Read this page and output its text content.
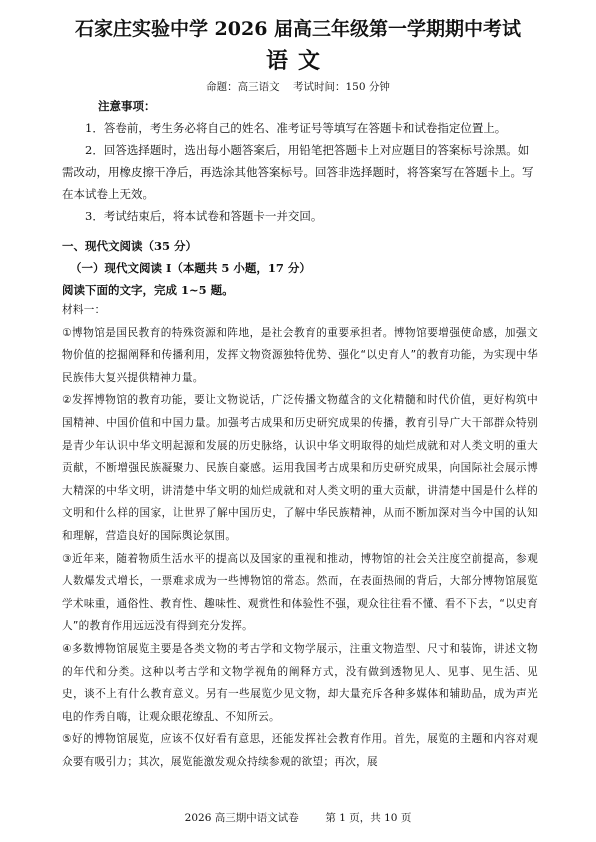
石家庄实验中学 2026 届高三年级第一学期期中考试
语文
命题：高三语文    考试时间：150 分钟
注意事项：

1．答卷前，考生务必将自己的姓名、准考证号等填写在答题卡和试卷指定位置上。

2．回答选择题时，选出每小题答案后，用铅笔把答题卡上对应题目的答案标号涂黑。如需改动，用橡皮擦干净后，再选涂其他答案标号。回答非选择题时，将答案写在答题卡上。写在本试卷上无效。

3．考试结束后，将本试卷和答题卡一并交回。

一、现代文阅读（35 分）
（一）现代文阅读 I（本题共 5 小题，17 分）
阅读下面的文字，完成 1~5 题。

材料一：

①博物馆是国民教育的特殊资源和阵地，是社会教育的重要承担者。博物馆要增强使命感，加强文物价值的挖掘阐释和传播利用，发挥文物资源独特优势、强化“以史育人”的教育功能，为实现中华民族伟大复兴提供精神力量。

②发挥博物馆的教育功能，要让文物说话，广泛传播文物蕴含的文化精髓和时代价值，更好构筑中国精神、中国价值和中国力量。加强考古成果和历史研究成果的传播，教育引导广大干部群众特别是青少年认识中华文明起源和发展的历史脉络，认识中华文明取得的灿烂成就和对人类文明的重大贡献，不断增强民族凝聚力、民族自豪感。运用我国考古成果和历史研究成果，向国际社会展示博大精深的中华文明，讲清楚中华文明的灿烂成就和对人类文明的重大贡献，讲清楚中国是什么样的文明和什么样的国家，让世界了解中国历史，了解中华民族精神，从而不断加深对当今中国的认知和理解，营造良好的国际舆论氛围。

③近年来，随着物质生活水平的提高以及国家的重视和推动，博物馆的社会关注度空前提高，参观人数爆发式增长，一票难求成为一些博物馆的常态。然而，在表面热闹的背后，大部分博物馆展览学术味重，通俗性、教育性、趣味性、观赏性和体验性不强，观众往往看不懂、看不下去，“以史育人”的教育作用远远没有得到充分发挥。

④多数博物馆展览主要是各类文物的考古学和文物学展示，注重文物造型、尺寸和装饰，讲述文物的年代和分类。这种以考古学和文物学视角的阐释方式，没有做到透物见人、见事、见生活、见史，谈不上有什么教育意义。另有一些展览少见文物，却大量充斥各种多媒体和辅助品，成为声光电的作秀自嗨，让观众眼花缭乱、不知所云。

⑤好的博物馆展览，应该不仅好看有意思，还能发挥社会教育作用。首先，展览的主题和内容对观众要有吸引力；其次，展览能激发观众持续参观的欲望；再次，展

2026 高三期中语文试卷        第 1 页，共 10 页
